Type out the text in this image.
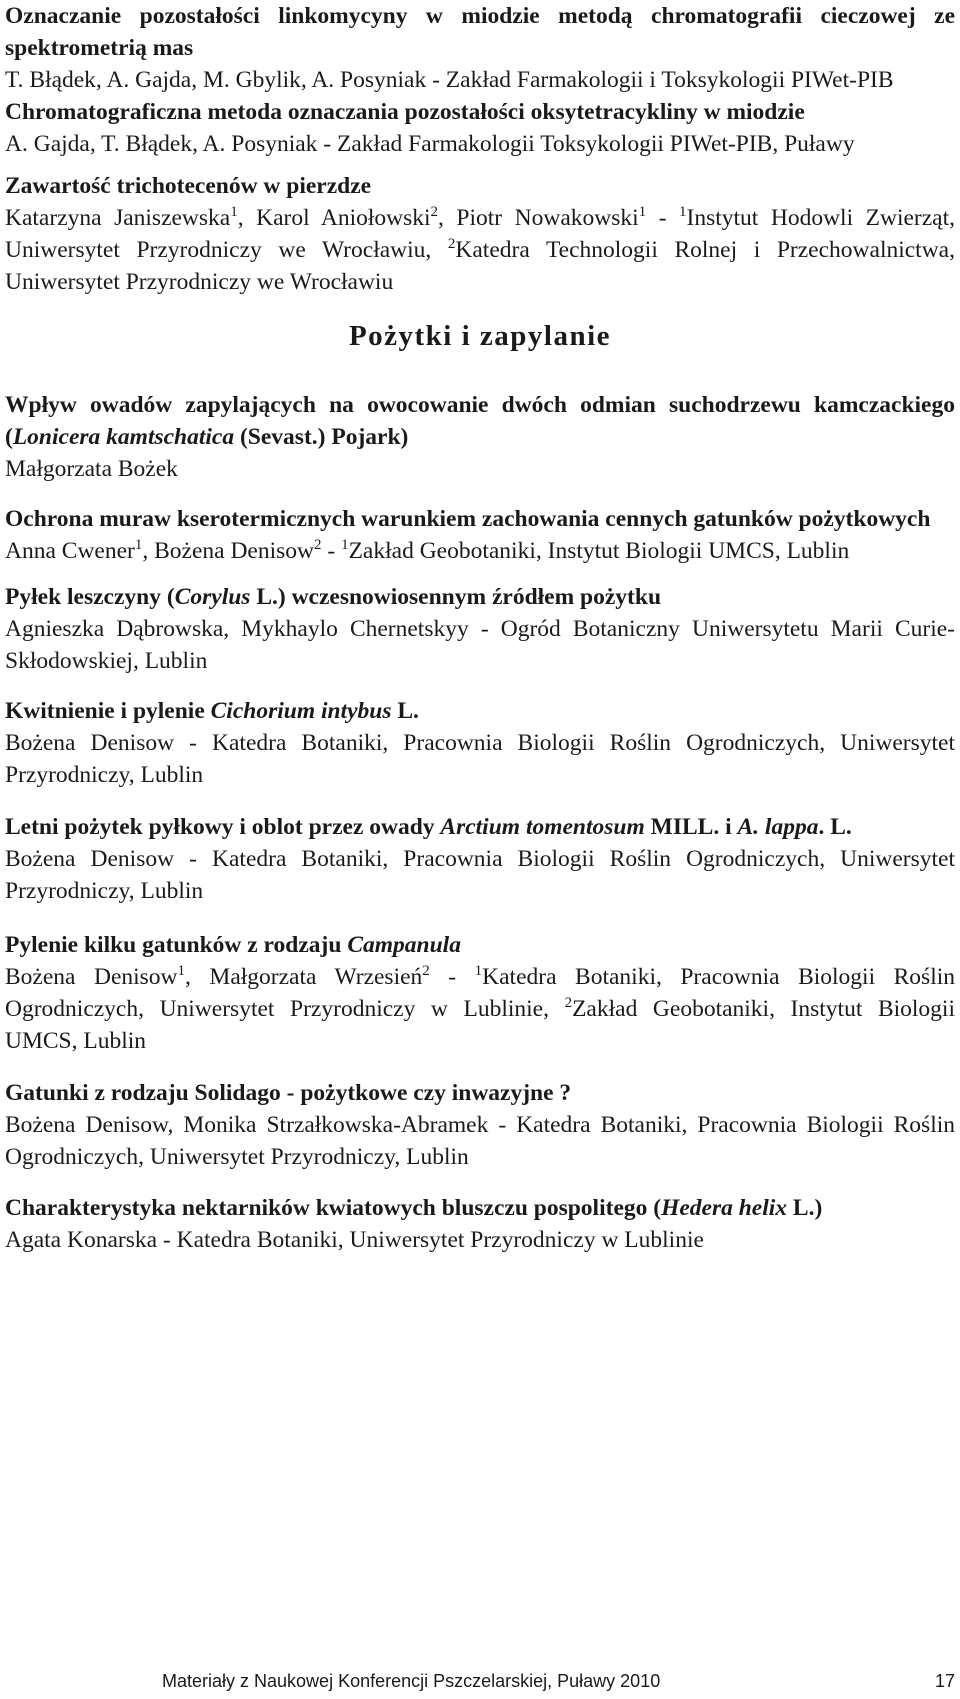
Oznaczanie pozostałości linkomycyny w miodzie metodą chromatografii cieczowej ze spektrometrią mas

T. Błądek, A. Gajda, M. Gbylik, A. Posyniak - Zakład Farmakologii i Toksykologii PIWet-PIB

Chromatograficzna metoda oznaczania pozostałości oksytetracykliny w miodzie

A. Gajda, T. Błądek, A. Posyniak - Zakład Farmakologii Toksykologii PIWet-PIB, Puławy

Zawartość trichotecenów w pierzdze

Katarzyna Janiszewska$^1$, Karol Aniołowski$^2$, Piotr Nowakowski$^1$ - $^1$Instytut Hodowli Zwierząt, Uniwersytet Przyrodniczy we Wrocławiu, $^2$Katedra Technologii Rolnej i Przechowalnictwa, Uniwersytet Przyrodniczy we Wrocławiu

Pożytki i zapylanie

Wpływ owadów zapylających na owocowanie dwóch odmian suchodrzewu kamczackiego (Lonicera kamtschatica (Sevast.) Pojark)

Małgorzata Bożek

Ochrona muraw kserotermicznych warunkiem zachowania cennych gatunków pożytkowych

Anna Cwener$^1$, Bożena Denisow$^2$ - $^1$Zakład Geobotaniki, Instytut Biologii UMCS, Lublin

Pyłek leszczyny (Corylus L.) wczesnowiosennym źródłem pożytku

Agnieszka Dąbrowska, Mykhaylo Chernetskyy - Ogród Botaniczny Uniwersytetu Marii Curie-Skłodowskiej, Lublin

Kwitnienie i pylenie Cichorium intybus L.

Bożena Denisow - Katedra Botaniki, Pracownia Biologii Roślin Ogrodniczych, Uniwersytet Przyrodniczy, Lublin

Letni pożytek pyłkowy i oblot przez owady Arctium tomentosum MILL. i A. lappa. L.

Bożena Denisow - Katedra Botaniki, Pracownia Biologii Roślin Ogrodniczych, Uniwersytet Przyrodniczy, Lublin

Pylenie kilku gatunków z rodzaju Campanula

Bożena Denisow$^1$, Małgorzata Wrzesień$^2$ - $^1$Katedra Botaniki, Pracownia Biologii Roślin Ogrodniczych, Uniwersytet Przyrodniczy w Lublinie, $^2$Zakład Geobotaniki, Instytut Biologii UMCS, Lublin

Gatunki z rodzaju Solidago - pożytkowe czy inwazyjne ?

Bożena Denisow, Monika Strzałkowska-Abramek - Katedra Botaniki, Pracownia Biologii Roślin Ogrodniczych, Uniwersytet Przyrodniczy, Lublin

Charakterystyka nektarników kwiatowych bluszczu pospolitego (Hedera helix L.)

Agata Konarska - Katedra Botaniki, Uniwersytet Przyrodniczy w Lublinie

Materiały z Naukowej Konferencji Pszczelarskiej, Puławy 2010	17
